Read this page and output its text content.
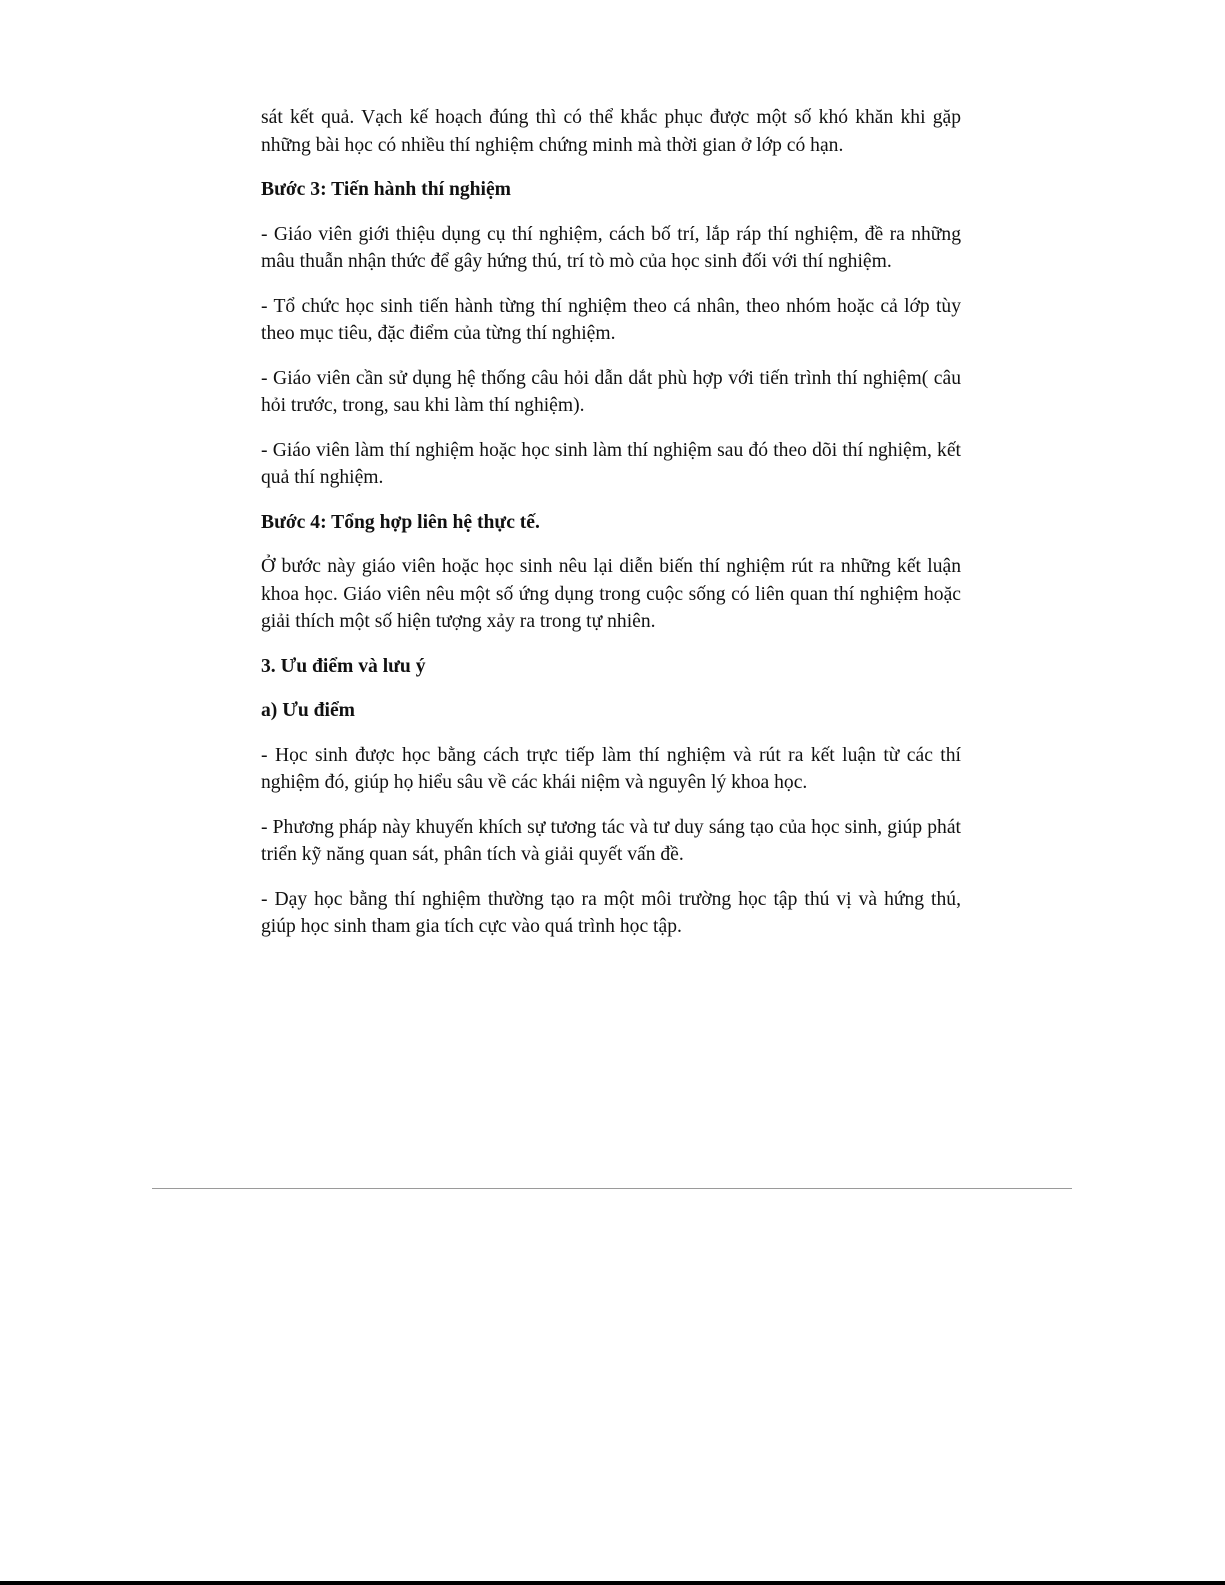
sát kết quả. Vạch kế hoạch đúng thì có thể khắc phục được một số khó khăn khi gặp những bài học có nhiều thí nghiệm chứng minh mà thời gian ở lớp có hạn.

Bước 3: Tiến hành thí nghiệm

- Giáo viên giới thiệu dụng cụ thí nghiệm, cách bố trí, lắp ráp thí nghiệm, đề ra những mâu thuẫn nhận thức để gây hứng thú, trí tò mò của học sinh đối với thí nghiệm.

- Tổ chức học sinh tiến hành từng thí nghiệm theo cá nhân, theo nhóm hoặc cả lớp tùy theo mục tiêu, đặc điểm của từng thí nghiệm.

- Giáo viên cần sử dụng hệ thống câu hỏi dẫn dắt phù hợp với tiến trình thí nghiệm( câu hỏi trước, trong, sau khi làm thí nghiệm).

- Giáo viên làm thí nghiệm hoặc học sinh làm thí nghiệm sau đó theo dõi thí nghiệm, kết quả thí nghiệm.

Bước 4: Tổng hợp liên hệ thực tế.

Ở bước này giáo viên hoặc học sinh nêu lại diễn biến thí nghiệm rút ra những kết luận khoa học. Giáo viên nêu một số ứng dụng trong cuộc sống có liên quan thí nghiệm hoặc giải thích một số hiện tượng xảy ra trong tự nhiên.

3. Ưu điểm và lưu ý

a) Ưu điểm

- Học sinh được học bằng cách trực tiếp làm thí nghiệm và rút ra kết luận từ các thí nghiệm đó, giúp họ hiểu sâu về các khái niệm và nguyên lý khoa học.

- Phương pháp này khuyến khích sự tương tác và tư duy sáng tạo của học sinh, giúp phát triển kỹ năng quan sát, phân tích và giải quyết vấn đề.

- Dạy học bằng thí nghiệm thường tạo ra một môi trường học tập thú vị và hứng thú, giúp học sinh tham gia tích cực vào quá trình học tập.
